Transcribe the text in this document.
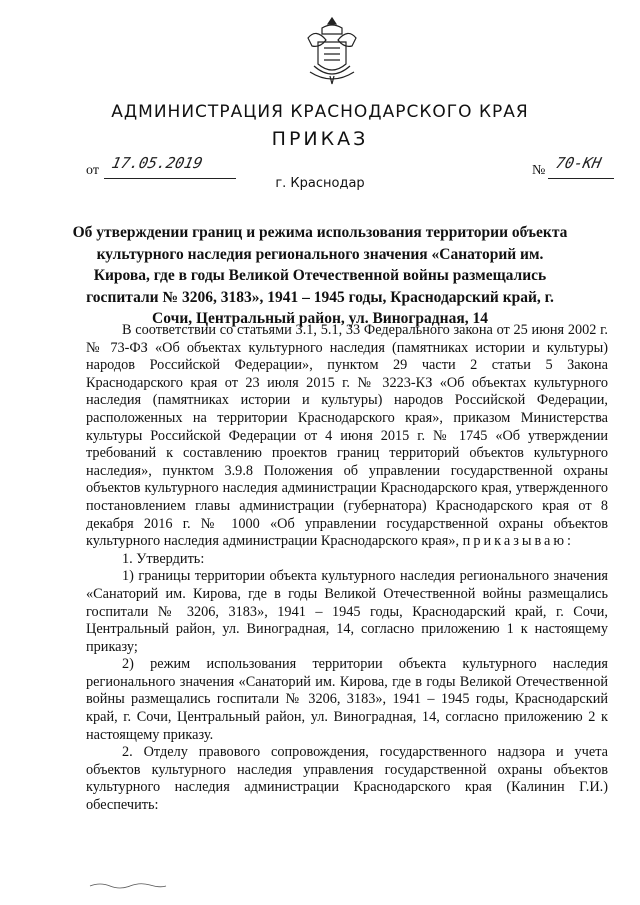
АДМИНИСТРАЦИЯ КРАСНОДАРСКОГО КРАЯ
ПРИКАЗ
от 17.05.2019	№ 70-КН
г. Краснодар
Об утверждении границ и режима использования территории объекта культурного наследия регионального значения «Санаторий им. Кирова, где в годы Великой Отечественной войны размещались госпитали № 3206, 3183», 1941 – 1945 годы, Краснодарский край, г. Сочи, Центральный район, ул. Виноградная, 14

В соответствии со статьями 3.1, 5.1, 33 Федерального закона от 25 июня 2002 г. № 73-ФЗ «Об объектах культурного наследия (памятниках истории и культуры) народов Российской Федерации», пунктом 29 части 2 статьи 5 Закона Краснодарского края от 23 июля 2015 г. № 3223-КЗ «Об объектах культурного наследия (памятниках истории и культуры) народов Российской Федерации, расположенных на территории Краснодарского края», приказом Министерства культуры Российской Федерации от 4 июня 2015 г. № 1745 «Об утверждении требований к составлению проектов границ территорий объектов культурного наследия», пунктом 3.9.8 Положения об управлении государственной охраны объектов культурного наследия администрации Краснодарского края, утвержденного постановлением главы администрации (губернатора) Краснодарского края от 8 декабря 2016 г. № 1000 «Об управлении государственной охраны объектов культурного наследия администрации Краснодарского края», приказываю:

1. Утвердить:

1) границы территории объекта культурного наследия регионального значения «Санаторий им. Кирова, где в годы Великой Отечественной войны размещались госпитали № 3206, 3183», 1941 – 1945 годы, Краснодарский край, г. Сочи, Центральный район, ул. Виноградная, 14, согласно приложению 1 к настоящему приказу;

2) режим использования территории объекта культурного наследия регионального значения «Санаторий им. Кирова, где в годы Великой Отечественной войны размещались госпитали № 3206, 3183», 1941 – 1945 годы, Краснодарский край, г. Сочи, Центральный район, ул. Виноградная, 14, согласно приложению 2 к настоящему приказу.

2. Отделу правового сопровождения, государственного надзора и учета объектов культурного наследия управления государственной охраны объектов культурного наследия администрации Краснодарского края (Калинин Г.И.) обеспечить:
